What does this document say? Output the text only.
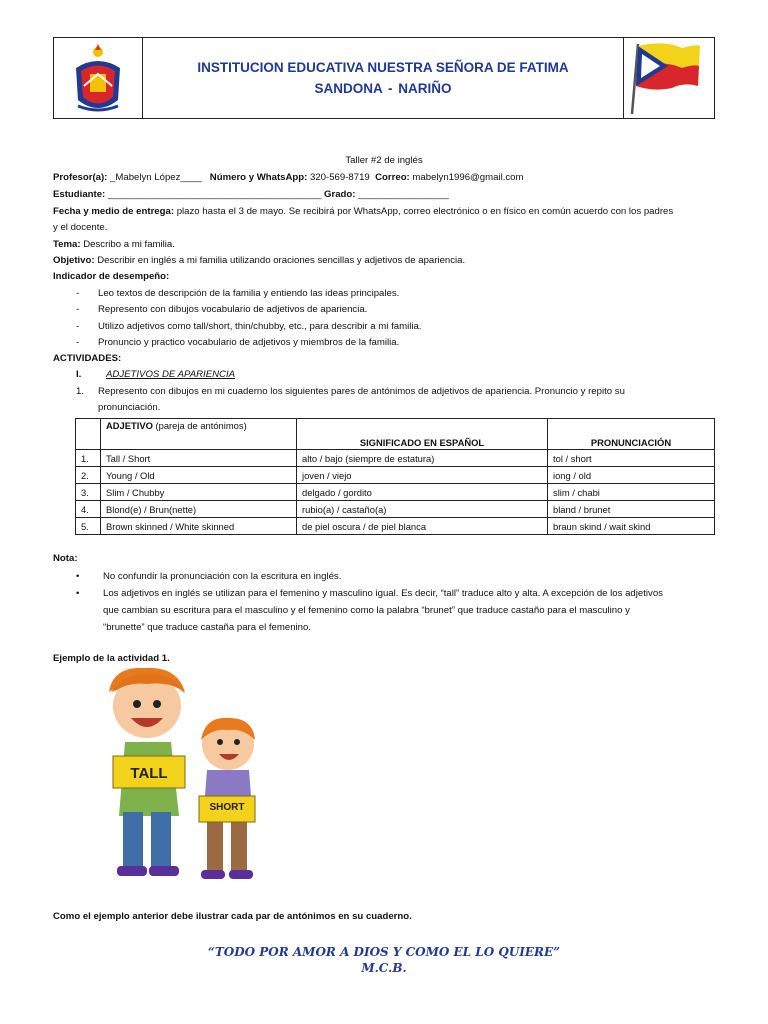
INSTITUCION EDUCATIVA NUESTRA SEÑORA DE FATIMA
SANDONA - NARIÑO
Taller #2 de inglés
Profesor(a): _Mabelyn López____ Número y WhatsApp: 320-569-8719 Correo: mabelyn1996@gmail.com
Estudiante: ________________________________________ Grado: _________________
Fecha y medio de entrega: plazo hasta el 3 de mayo. Se recibirá por WhatsApp, correo electrónico o en físico en común acuerdo con los padres
y el docente.
Tema: Describo a mi familia.
Objetivo: Describir en inglés a mi familia utilizando oraciones sencillas y adjetivos de apariencia.
Indicador de desempeño:
- Leo textos de descripción de la familia y entiendo las ideas principales.
- Represento con dibujos vocabulario de adjetivos de apariencia.
- Utilizo adjetivos como tall/short, thin/chubby, etc., para describir a mi familia.
- Pronuncio y practico vocabulario de adjetivos y miembros de la familia.
ACTIVIDADES:
I.	ADJETIVOS DE APARIENCIA
1. Represento con dibujos en mi cuaderno los siguientes pares de antónimos de adjetivos de apariencia. Pronuncio y repito su
pronunciación.
	ADJETIVO (pareja de antónimos)	SIGNIFICADO EN ESPAÑOL	PRONUNCIACIÓN
1.	Tall / Short	alto / bajo (siempre de estatura)	tol / short
2.	Young / Old	joven / viejo	iong / old
3.	Slim / Chubby	delgado / gordito	slim / chabi
4.	Blond(e) / Brun(nette)	rubio(a) / castaño(a)	bland / brunet
5.	Brown skinned / White skinned	de piel oscura / de piel blanca	braun skind / wait skind
Nota:
• No confundir la pronunciación con la escritura en inglés.
• Los adjetivos en inglés se utilizan para el femenino y masculino igual. Es decir, “tall” traduce alto y alta. A excepción de los adjetivos
que cambian su escritura para el masculino y el femenino como la palabra “brunet” que traduce castaño para el masculino y
“brunette” que traduce castaña para el femenino.
Ejemplo de la actividad 1.
TALL
SHORT
Como el ejemplo anterior debe ilustrar cada par de antónimos en su cuaderno.
“TODO POR AMOR A DIOS Y COMO EL LO QUIERE”
M.C.B.
